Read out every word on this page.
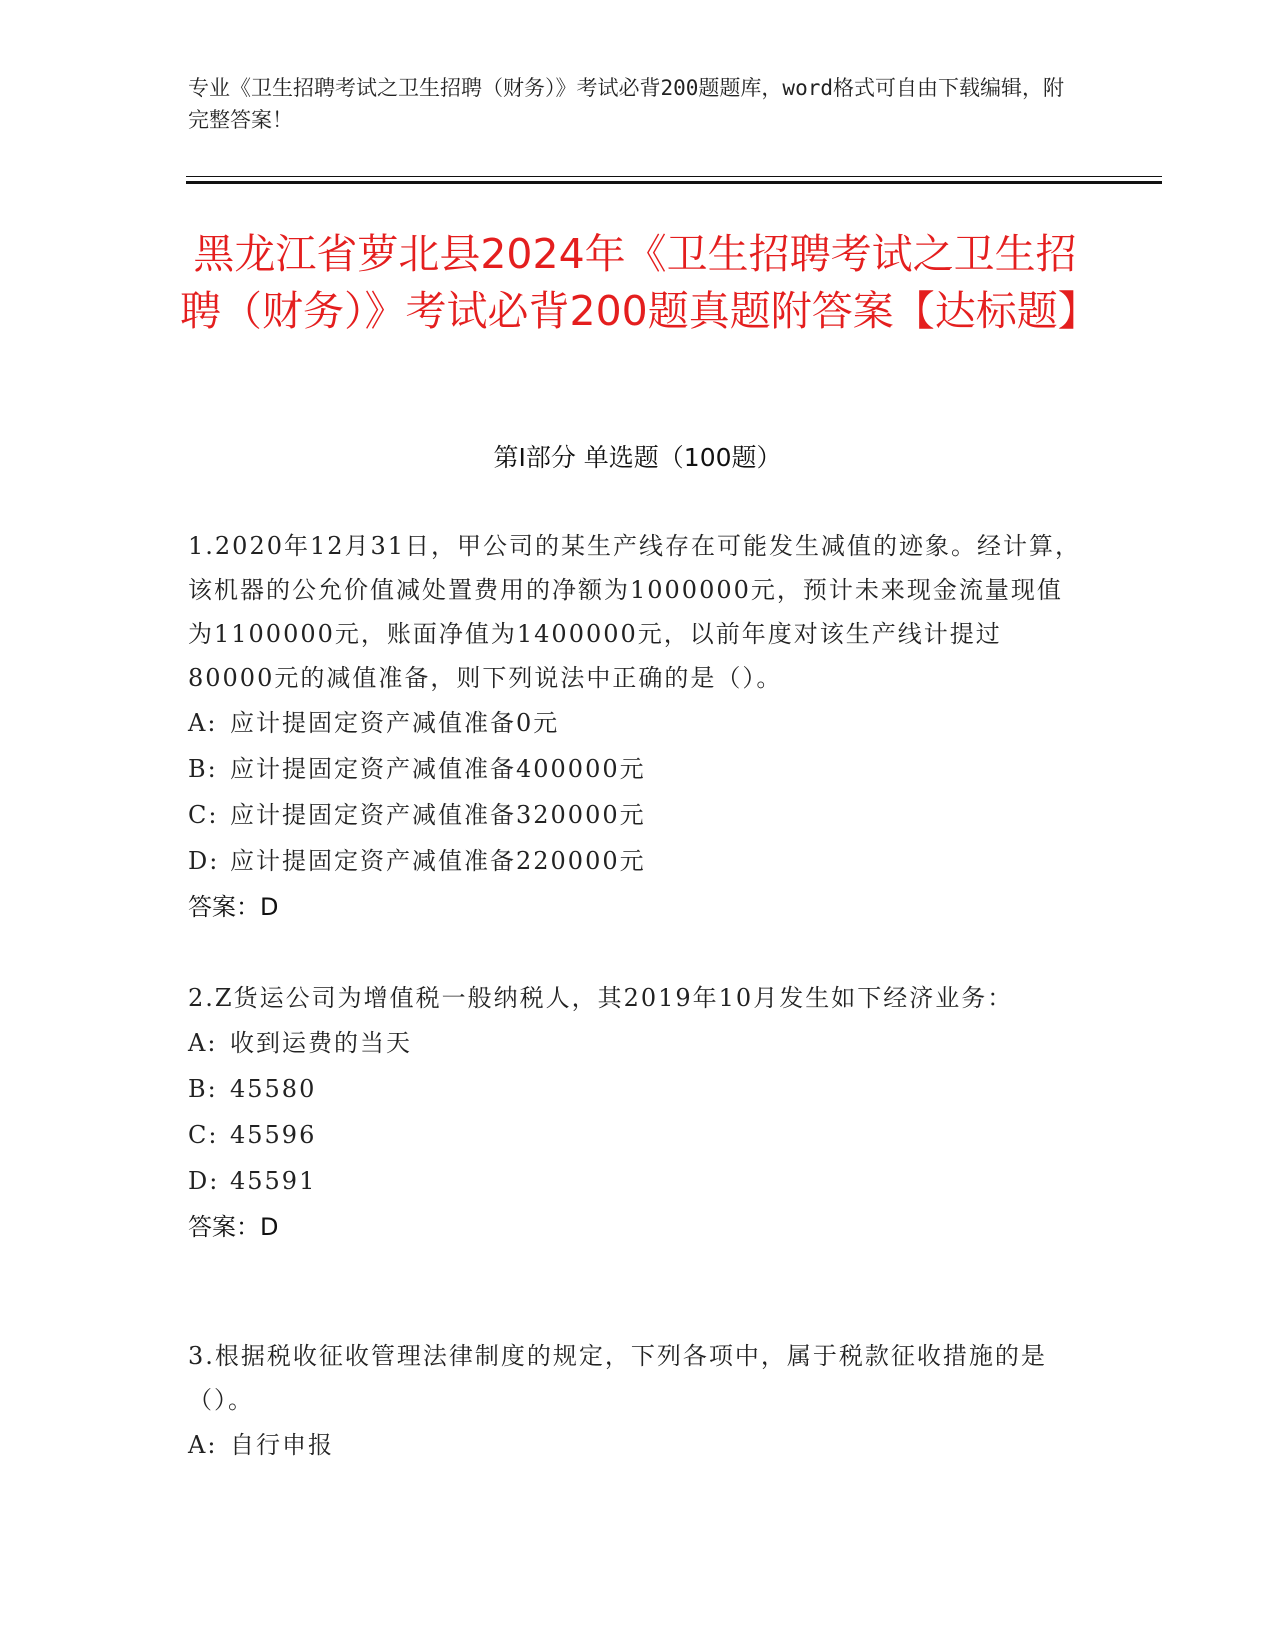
专业《卫生招聘考试之卫生招聘（财务）》考试必背200题题库，word格式可自由下载编辑，附完整答案！
黑龙江省萝北县2024年《卫生招聘考试之卫生招聘（财务）》考试必背200题真题附答案【达标题】
第Ⅰ部分 单选题（100题）

1.2020年12月31日，甲公司的某生产线存在可能发生减值的迹象。经计算，该机器的公允价值减处置费用的净额为1000000元，预计未来现金流量现值为1100000元，账面净值为1400000元，以前年度对该生产线计提过80000元的减值准备，则下列说法中正确的是（）。

A: 应计提固定资产减值准备0元

B: 应计提固定资产减值准备400000元

C: 应计提固定资产减值准备320000元

D: 应计提固定资产减值准备220000元

答案：D

2.Z货运公司为增值税一般纳税人，其2019年10月发生如下经济业务：

A: 收到运费的当天

B: 45580

C: 45596

D: 45591

答案：D

3.根据税收征收管理法律制度的规定，下列各项中，属于税款征收措施的是（）。

A: 自行申报
